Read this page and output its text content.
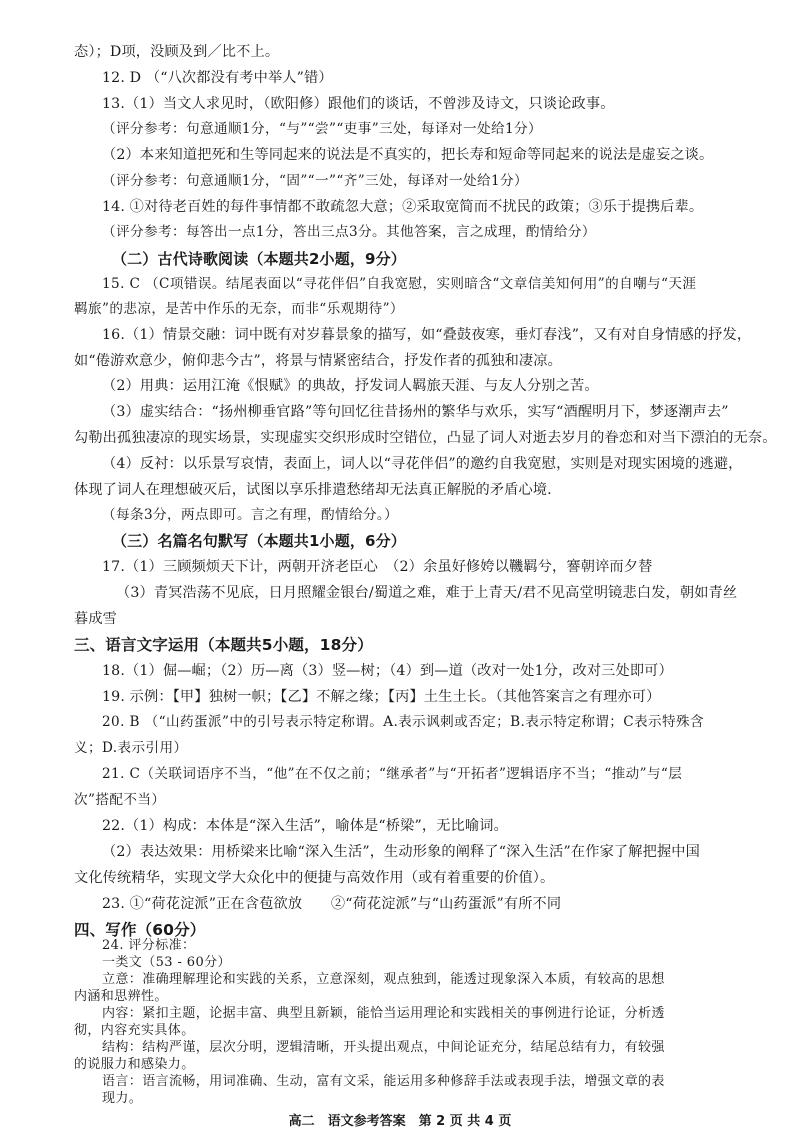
态）；D项，没顾及到／比不上。
12. D （“八次都没有考中举人”错）
13.（1）当文人求见时，（欧阳修）跟他们的谈话，不曾涉及诗文，只谈论政事。
（评分参考：句意通顺1分，“与”“尝”“吏事”三处，每译对一处给1分）
（2）本来知道把死和生等同起来的说法是不真实的，把长寿和短命等同起来的说法是虚妄之谈。
（评分参考：句意通顺1分，“固”“一”“齐”三处，每译对一处给1分）
14. ①对待老百姓的每件事情都不敢疏忽大意；②采取宽简而不扰民的政策；③乐于提携后辈。
（评分参考：每答出一点1分，答出三点3分。其他答案，言之成理，酌情给分）
（二）古代诗歌阅读（本题共2小题，9分）
15. C （C项错误。结尾表面以“寻花伴侣”自我宽慰，实则暗含“文章信美知何用”的自嘲与“天涯
羁旅”的悲凉，是苦中作乐的无奈，而非“乐观期待”）
16.（1）情景交融：词中既有对岁暮景象的描写，如“叠鼓夜寒，垂灯春浅”，又有对自身情感的抒发，
如“倦游欢意少，俯仰悲今古”，将景与情紧密结合，抒发作者的孤独和凄凉。
（2）用典：运用江淹《恨赋》的典故，抒发词人羁旅天涯、与友人分别之苦。
（3）虚实结合：“扬州柳垂官路”等句回忆往昔扬州的繁华与欢乐，实写“酒醒明月下，梦逐潮声去”
勾勒出孤独凄凉的现实场景，实现虚实交织形成时空错位，凸显了词人对逝去岁月的眷恋和对当下漂泊的无奈。
（4）反衬：以乐景写哀情，表面上，词人以“寻花伴侣”的邀约自我宽慰，实则是对现实困境的逃避，
体现了词人在理想破灭后，试图以享乐排遣愁绪却无法真正解脱的矛盾心境.
（每条3分，两点即可。言之有理，酌情给分。）
（三）名篇名句默写（本题共1小题，6分）
17.（1）三顾频烦天下计，两朝开济老臣心　（2）余虽好修姱以鞿羁兮，謇朝谇而夕替
（3）青冥浩荡不见底，日月照耀金银台/蜀道之难，难于上青天/君不见高堂明镜悲白发，朝如青丝
暮成雪
三、语言文字运用（本题共5小题，18分）
18.（1）倔—崛；（2）历—离（3）竖—树；（4）到—道（改对一处1分，改对三处即可）
19. 示例：【甲】独树一帜；【乙】不解之缘；【丙】土生土长。（其他答案言之有理亦可）
20. B （“山药蛋派”中的引号表示特定称谓。A.表示讽刺或否定；B.表示特定称谓；C表示特殊含
义；D.表示引用）
21. C（关联词语序不当，“他”在不仅之前；“继承者”与“开拓者”逻辑语序不当；“推动”与“层
次”搭配不当）
22.（1）构成：本体是“深入生活”，喻体是“桥梁”，无比喻词。
（2）表达效果：用桥梁来比喻“深入生活”，生动形象的阐释了“深入生活”在作家了解把握中国
文化传统精华，实现文学大众化中的便捷与高效作用（或有着重要的价值）。
23. ①“荷花淀派”正在含苞欲放　　②“荷花淀派”与“山药蛋派”有所不同
四、写作（60分）
高二　语文参考答案　第 2 页 共 4 页
24. 评分标准：
一类文（53 - 60分）
立意：准确理解理论和实践的关系，立意深刻，观点独到，能透过现象深入本质，有较高的思想
内涵和思辨性。
内容：紧扣主题，论据丰富、典型且新颖，能恰当运用理论和实践相关的事例进行论证，分析透
彻，内容充实具体。
结构：结构严谨，层次分明，逻辑清晰，开头提出观点，中间论证充分，结尾总结有力，有较强
的说服力和感染力。
语言：语言流畅，用词准确、生动，富有文采，能运用多种修辞手法或表现手法，增强文章的表
现力。
